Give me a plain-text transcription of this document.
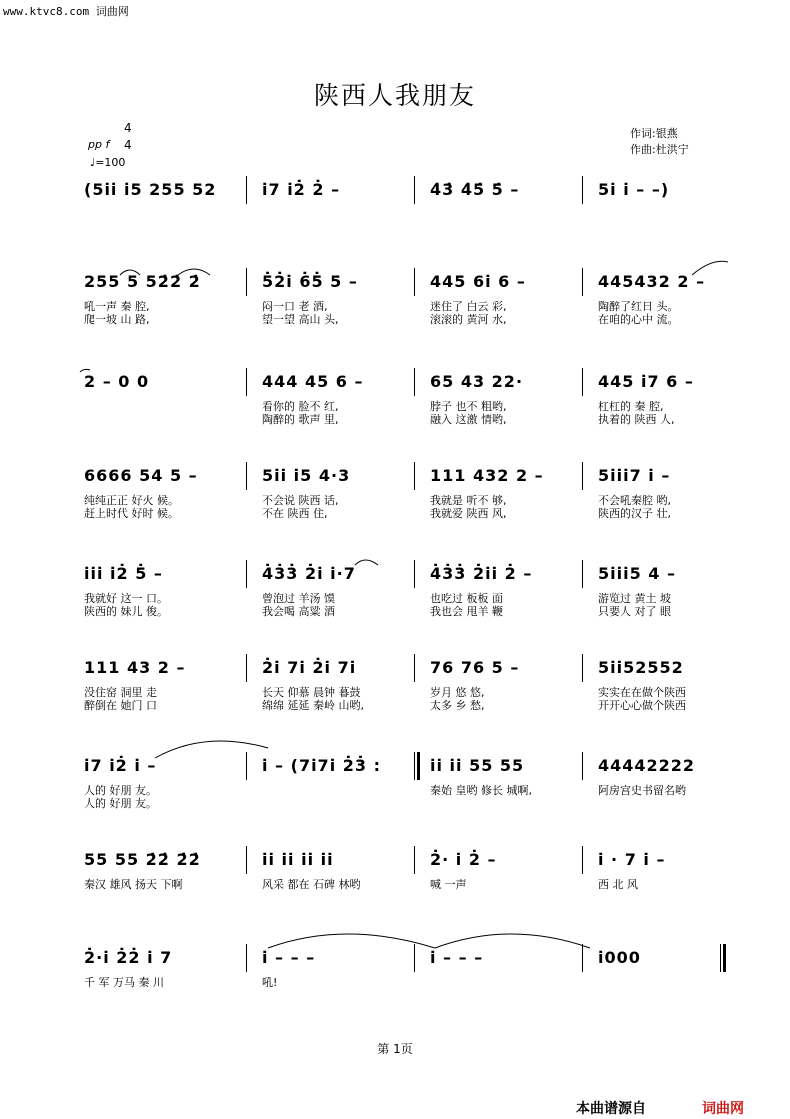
www.ktvc8.com 词曲网
陕西人我朋友
作词:银燕
作曲:杜洪宁
4
4
pp f
♩=100
(5i̇i̇ i̇5 255 52	i̇7 i̇2̇ 2̇ –	4̇3̇ 4̇5̇ 5̇ –	5i̇ i̇ – –)
255 5 52̇2̇ 2̇
吼一声 秦 腔,
爬一坡 山 路,
5̇2̇i̇ 6̇5̇ 5 –
闷一口 老 酒,
望一望 高山 头,
445 6i̇ 6 –
迷住了 白云 彩,
滚滚的 黄河 水,
445432 2 –
陶醉了红日 头。
在咱的心中 流。
2 – 0 0	444 45 6 –
看你的 脸不 红,
陶醉的 歌声 里,
65 43 22·
脖子 也不 粗哟,
融入 这激 情哟,
445 i̇7 6 –
杠杠的 秦 腔,
执着的 陕西 人,
6666 54 5 –
纯纯正正 好火 候。
赶上时代 好时 候。
5i̇i̇ i̇5 4·3
不会说 陕西 话,
不在 陕西 住,
111 432 2 –
我就是 听不 够,
我就爱 陕西 风,
5i̇i̇i̇7 i̇ –
不会吼秦腔 哟,
陕西的汉子 壮,
i̇i̇i̇ i̇2̇ 5̇ –
我就好 这一 口。
陕西的 妹儿 俊。
4̇3̇3̇ 2̇i̇ i̇·7
曾泡过 羊汤 馍
我会喝 高粱 酒
4̇3̇3̇ 2̇i̇i̇ 2̇ –
也吃过 板板 面
我也会 甩羊 鞭
5i̇i̇i̇5 4 –
游览过 黄土 坡
只要人 对了 眼
111 43 2 –
没住窑 洞里 走
醉倒在 她门 口
2̇i̇ 7i̇ 2̇i̇ 7i̇
长天 仰慕 晨钟 暮鼓
绵绵 延延 秦岭 山哟,
76 76 5 –
岁月 悠 悠,
太多 乡 愁,
5i̇i̇52552
实实在在做个陕西
开开心心做个陕西
i̇7 i̇2̇ i̇ –
人的 好朋 友。
人的 好朋 友。
i̇ – (7i̇7i̇ 2̇3̇ :	i̇i̇ i̇i̇ 55 55
秦始 皇哟 修长 城啊,
44442222
阿房宫史书留名哟
55 55 2̇2̇ 2̇2̇
秦汉 雄风 扬天 下啊
i̇i̇ i̇i̇ i̇i̇ i̇i̇
风采 都在 石碑 林哟
2̇· i̇ 2̇ –
喊 一声
i̇ · 7 i̇ –
西 北 风
2̇·i̇ 2̇2̇ i̇ 7
千 军 万马 秦 川
i̇ – – –
吼!
i̇ – – –	i̇000
第 1页
本曲谱源自	词曲网
